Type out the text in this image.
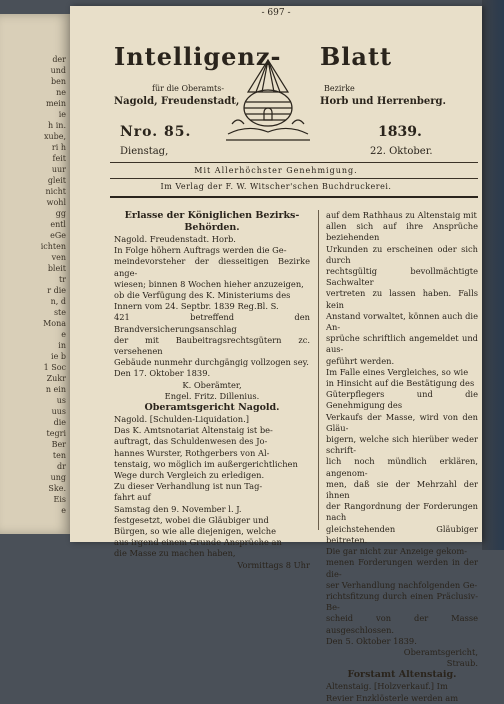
der
und
ben
ne
mein
ie
h in.
xube,
ri h
feit
uur
gleit
nicht
wohl
gg
entl
eGe
ichten
ven
bleit
tr
r die
n, d
ste
Mona
e
in
ie b
1 Soc
Zukr
n ein
us
uus
die
tegri
Ber
ten
dr
ung
Ske.
Eis
e
- 697 -
Intelligenz- Blatt
für die Oberamts-	Bezirke
Nagold, Freudenstadt,	Horb und Herrenberg.
Nro. 85.	1839.
Dienstag,	22. Oktober.
Mit Allerhöchster Genehmigung.
Im Verlag der F. W. Witscher'schen Buchdruckerei.
Erlasse der Königlichen Bezirks-
Behörden.
Nagold. Freudenstadt. Horb.
In Folge höhern Auftrags werden die Ge-
meindevorsteher der diesseitigen Bezirke ange-
wiesen; binnen 8 Wochen hieher anzuzeigen,
ob die Verfügung des K. Ministeriums des
Innern vom 24. Septbr. 1839 Reg.Bl. S.
421 betreffend den Brandversicherungsanschlag
der mit Baubeitragsrechtsgütern zc. versehenen
Gebäude nunmehr durchgängig vollzogen sey.
Den 17. Oktober 1839.
K. Oberämter,
Engel. Fritz. Dillenius.
Oberamtsgericht Nagold.
Nagold. [Schulden-Liquidation.]
Das K. Amtsnotariat Altenstaig ist be-
auftragt, das Schuldenwesen des Jo-
hannes Wurster, Rothgerbers von Al-
tenstaig, wo möglich im außergerichtlichen
Wege durch Vergleich zu erledigen.
Zu dieser Verhandlung ist nun Tag-
fahrt auf
Samstag den 9. November l. J.
festgesetzt, wobei die Gläubiger und
Bürgen, so wie alle diejenigen, welche
aus irgend einem Grunde Ansprüche an
die Masse zu machen haben,
Vormittags 8 Uhr
auf dem Rathhaus zu Altenstaig mit
allen sich auf ihre Ansprüche beziehenden
Urkunden zu erscheinen oder sich durch
rechtsgültig bevollmächtigte Sachwalter
vertreten zu lassen haben. Falls kein
Anstand vorwaltet, können auch die An-
sprüche schriftlich angemeldet und aus-
geführt werden.
Im Falle eines Vergleiches, so wie
in Hinsicht auf die Bestätigung des
Güterpflegers und die Genehmigung des
Verkaufs der Masse, wird von den Gläu-
bigern, welche sich hierüber weder schrift-
lich noch mündlich erklären, angenom-
men, daß sie der Mehrzahl der ihnen
der Rangordnung der Forderungen nach
gleichstehenden Gläubiger beitreten.
Die gar nicht zur Anzeige gekom-
menen Forderungen werden in der die-
ser Verhandlung nachfolgenden Ge-
richtsfitzung durch einen Präclusiv-Be-
scheid von der Masse ausgeschlossen.
Den 5. Oktober 1839.
Oberamtsgericht,
Straub.
Forstamt Altenstaig.
Altenstaig. [Holzverkauf.] Im
Revier Enzklösterle werden am
